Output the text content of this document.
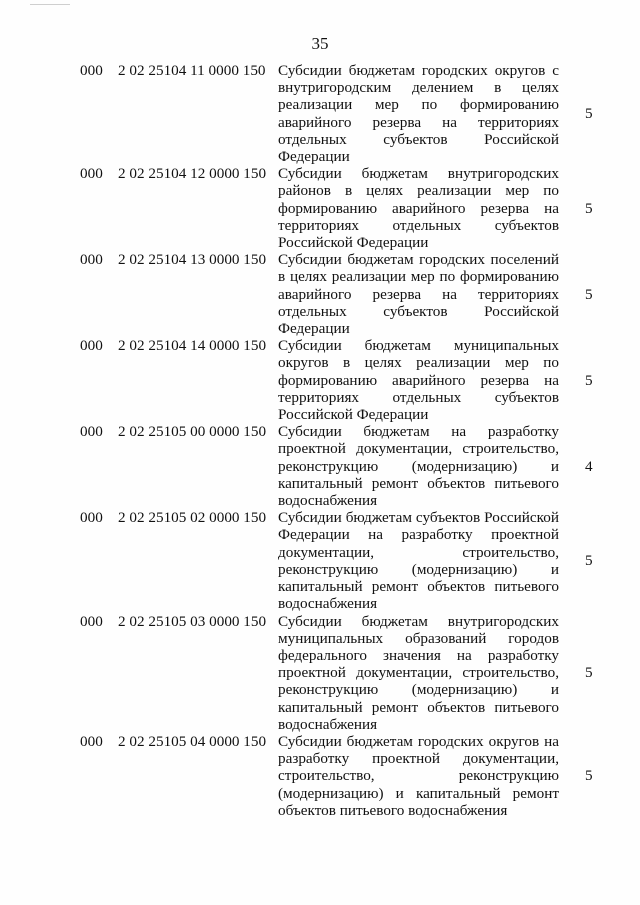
35
000 2 02 25104 11 0000 150 Субсидии бюджетам городских округов с внутригородским делением в целях реализации мер по формированию аварийного резерва на территориях отдельных субъектов Российской Федерации
5
000 2 02 25104 12 0000 150 Субсидии бюджетам внутригородских районов в целях реализации мер по формированию аварийного резерва на территориях отдельных субъектов Российской Федерации
5
000 2 02 25104 13 0000 150 Субсидии бюджетам городских поселений в целях реализации мер по формированию аварийного резерва на территориях отдельных субъектов Российской Федерации
5
000 2 02 25104 14 0000 150 Субсидии бюджетам муниципальных округов в целях реализации мер по формированию аварийного резерва на территориях отдельных субъектов Российской Федерации
5
000 2 02 25105 00 0000 150 Субсидии бюджетам на разработку проектной документации, строительство, реконструкцию (модернизацию) и капитальный ремонт объектов питьевого водоснабжения
4
000 2 02 25105 02 0000 150 Субсидии бюджетам субъектов Российской Федерации на разработку проектной документации, строительство, реконструкцию (модернизацию) и капитальный ремонт объектов питьевого водоснабжения
5
000 2 02 25105 03 0000 150 Субсидии бюджетам внутригородских муниципальных образований городов федерального значения на разработку проектной документации, строительство, реконструкцию (модернизацию) и капитальный ремонт объектов питьевого водоснабжения
5
000 2 02 25105 04 0000 150 Субсидии бюджетам городских округов на разработку проектной документации, строительство, реконструкцию (модернизацию) и капитальный ремонт объектов питьевого водоснабжения
5
